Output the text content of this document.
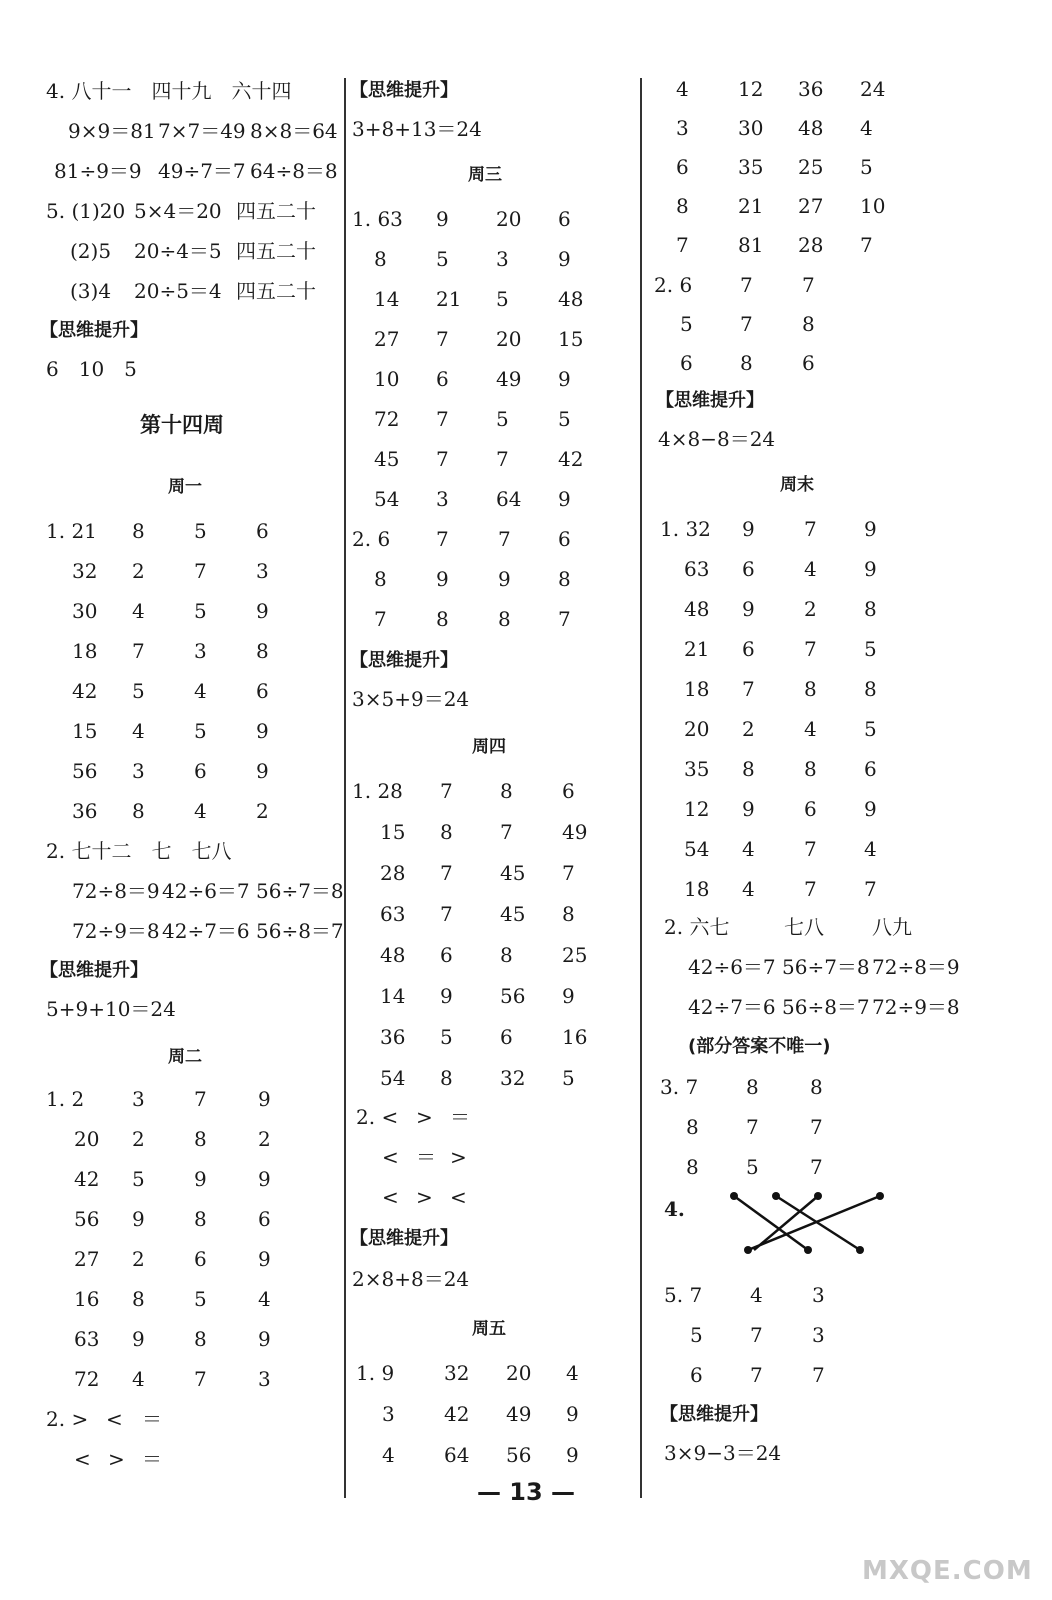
4. 八十一　四十九　六十四
9×9＝81 7×7＝49 8×8＝64
81÷9＝9 49÷7＝7 64÷8＝8
5. (1)20 5×4＝20 四五二十
(2)5 20÷4＝5 四五二十
(3)4 20÷5＝4 四五二十
【思维提升】
6　10　5
第十四周
周一
1. 21 8 5 6
32 2 7 3
30 4 5 9
18 7 3 8
42 5 4 6
15 4 5 9
56 3 6 9
36 8 4 2
2. 七十二　七　七八
72÷8＝9 42÷6＝7 56÷7＝8
72÷9＝8 42÷7＝6 56÷8＝7
【思维提升】
5+9+10＝24
周二
1. 2 3 7	9
20 2 8	2
42 5 9	9
56 9 8	6
27 2 6	9
16 8 5	4
63 9 8	9
72 4 7	3
2. > < ＝
< > ＝
【思维提升】
3+8+13＝24
周三
1. 63 9 20 6
8 5 3 9
14 21 5 48
27 7 20 15
10 6 49 9
72 7 5 5
45 7 7 42
54 3 64 9
2. 6 7 7 6
8 9 9 8
7 8 8 7
【思维提升】
3×5+9＝24
周四
1. 28 7 8 6
15 8 7 49
28 7 45 7
63 7 45 8
48 6 8 25
14 9 56 9
36 5 6 16
54 8 32 5
2. < > ＝
< ＝ >
< > <
【思维提升】
2×8+8＝24
周五
1. 9 32 20 4
3 42 49 9
4 64 56 9
4 12 36 24
3 30 48 4
6 35 25 5
8 21 27 10
7 81 28 7
2. 6 7 7
5 7 8
6 8 6
【思维提升】
4×8−8＝24
周末
1. 32 9 7 9
63 6 4 9
48 9 2 8
21 6 7 5
18 7 8 8
20 2 4 5
35 8 8 6
12 9 6 9
54 4 7 4
18 4 7 7
2. 六七	七八 八九
42÷6＝7 56÷7＝8 72÷8＝9
42÷7＝6 56÷8＝7 72÷9＝8
(部分答案不唯一)
3. 7 8	8
8 7	7
8 5	7
4.
5. 7 4 3
5 7 3
6 7 7
【思维提升】
3×9−3＝24
— 13 —
MXQE.COM
